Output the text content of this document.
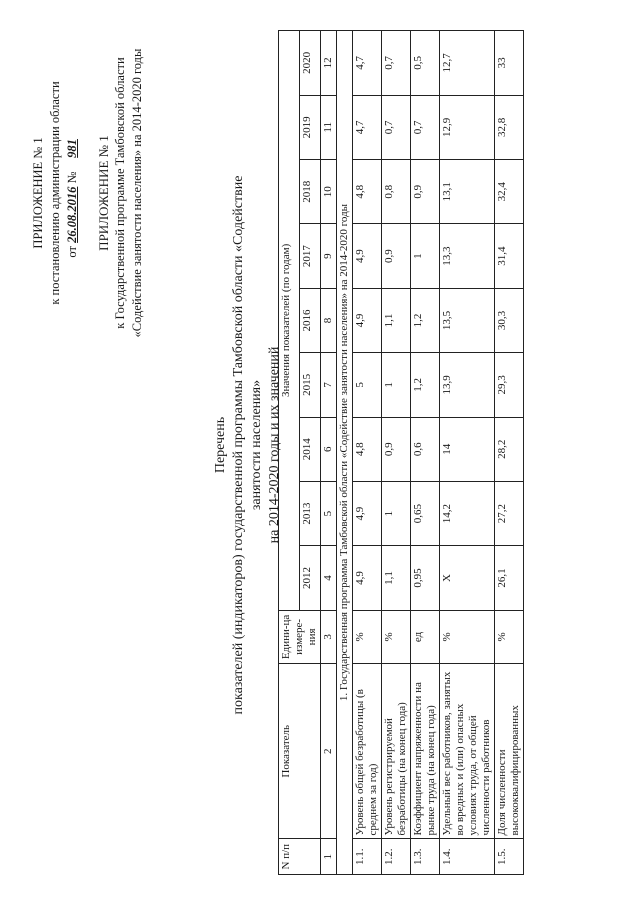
ПРИЛОЖЕНИЕ № 1 к постановлению администрации области от 26.08.2016 № 981 ПРИЛОЖЕНИЕ № 1 к Государственной программе Тамбовской области «Содействие занятости населения» на 2014-2020 годы
Перечень показателей (индикаторов) государственной программы Тамбовской области «Содействие занятости населения» на 2014-2020 годы и их значений
N п/п	Показатель	Едини-ца измере-ния	Значения показателей (по годам)								
			2012	2013	2014	2015	2016	2017	2018	2019	2020
1	2	3	4	5	6	7	8	9	10	11	12
1. Государственная программа Тамбовской области «Содействие занятости населения» на 2014-2020 годы											
1.1.	Уровень общей безработицы (в среднем за год)	%	4,9	4,9	4,8	5	4,9	4,9	4,8	4,7	4,7
1.2.	Уровень регистрируемой безработицы (на конец года)	%	1,1	1	0,9	1	1,1	0,9	0,8	0,7	0,7
1.3.	Коэффициент напряженности на рынке труда (на конец года)	ед	0,95	0,65	0,6	1,2	1,2	1	0,9	0,7	0,5
1.4.	Удельный вес работников, занятых во вредных и (или) опасных условиях труда, от общей численности работников	%	X	14,2	14	13,9	13,5	13,3	13,1	12,9	12,7
1.5.	Доля численности высококвалифицированных	%	26,1	27,2	28,2	29,3	30,3	31,4	32,4	32,8	33
